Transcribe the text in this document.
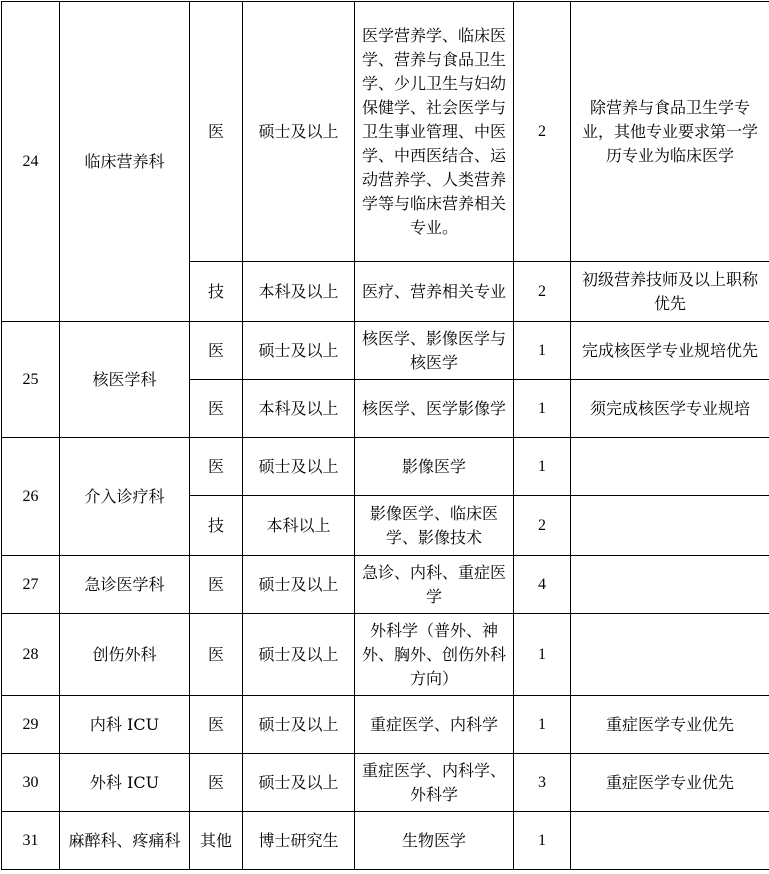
24	临床营养科	医	硕士及以上	医学营养学、临床医学、营养与食品卫生学、少儿卫生与妇幼保健学、社会医学与卫生事业管理、中医学、中西医结合、运动营养学、人类营养学等与临床营养相关专业。	2	除营养与食品卫生学专业，其他专业要求第一学历专业为临床医学
		技	本科及以上	医疗、营养相关专业	2	初级营养技师及以上职称优先
25	核医学科	医	硕士及以上	核医学、影像医学与核医学	1	完成核医学专业规培优先
		医	本科及以上	核医学、医学影像学	1	须完成核医学专业规培
26	介入诊疗科	医	硕士及以上	影像医学	1	
		技	本科以上	影像医学、临床医学、影像技术	2	
27	急诊医学科	医	硕士及以上	急诊、内科、重症医学	4	
28	创伤外科	医	硕士及以上	外科学（普外、神外、胸外、创伤外科方向）	1	
29	内科 ICU	医	硕士及以上	重症医学、内科学	1	重症医学专业优先
30	外科 ICU	医	硕士及以上	重症医学、内科学、外科学	3	重症医学专业优先
31	麻醉科、疼痛科	其他	博士研究生	生物医学	1	
